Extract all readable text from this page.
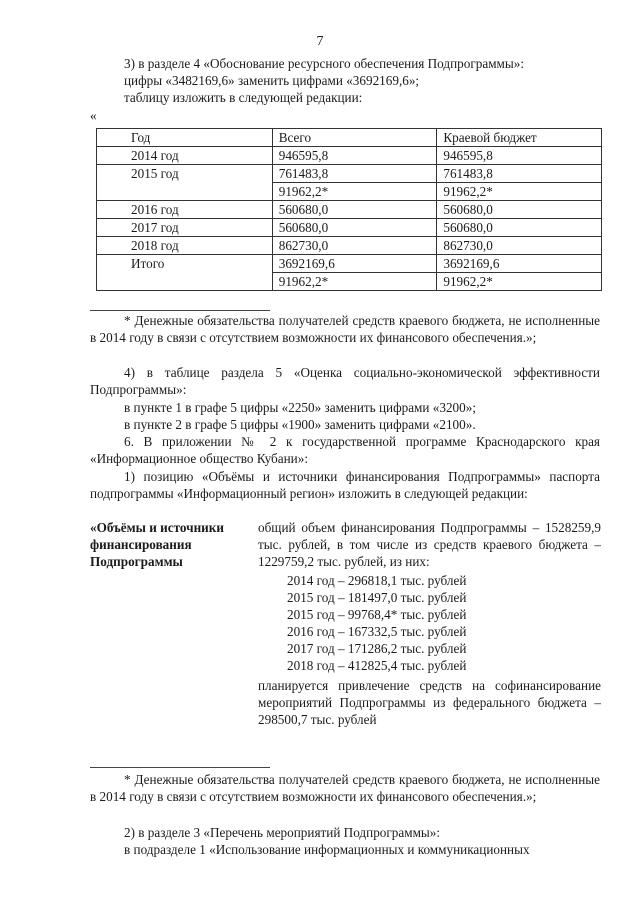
7
3) в разделе 4 «Обоснование ресурсного обеспечения Подпрограммы»:
цифры «3482169,6» заменить цифрами «3692169,6»;
таблицу изложить в следующей редакции:
«
Год	Всего	Краевой бюджет
2014 год	946595,8	946595,8
2015 год	761483,8	761483,8
	91962,2*	91962,2*
2016 год	560680,0	560680,0
2017 год	560680,0	560680,0
2018 год	862730,0	862730,0
Итого	3692169,6	3692169,6
	91962,2*	91962,2*
* Денежные обязательства получателей средств краевого бюджета, не исполненные в 2014 году в связи с отсутствием возможности их финансового обеспечения.»;
4) в таблице раздела 5 «Оценка социально-экономической эффективности Подпрограммы»:
в пункте 1 в графе 5 цифры «2250» заменить цифрами «3200»;
в пункте 2 в графе 5 цифры «1900» заменить цифрами «2100».
6. В приложении № 2 к государственной программе Краснодарского края «Информационное общество Кубани»:
1) позицию «Объёмы и источники финансирования Подпрограммы» паспорта подпрограммы «Информационный регион» изложить в следующей редакции:
«Объёмы и источники
финансирования
Подпрограммы
общий объем финансирования Подпрограммы – 1528259,9 тыс. рублей, в том числе из средств краевого бюджета – 1229759,2 тыс. рублей, из них:
2014 год – 296818,1 тыс. рублей
2015 год – 181497,0 тыс. рублей
2015 год – 99768,4* тыс. рублей
2016 год – 167332,5 тыс. рублей
2017 год – 171286,2 тыс. рублей
2018 год – 412825,4 тыс. рублей
планируется привлечение средств на софинансирование мероприятий Подпрограммы из федерального бюджета – 298500,7 тыс. рублей
* Денежные обязательства получателей средств краевого бюджета, не исполненные в 2014 году в связи с отсутствием возможности их финансового обеспечения.»;
2) в разделе 3 «Перечень мероприятий Подпрограммы»:
в подразделе 1 «Использование информационных и коммуникационных
